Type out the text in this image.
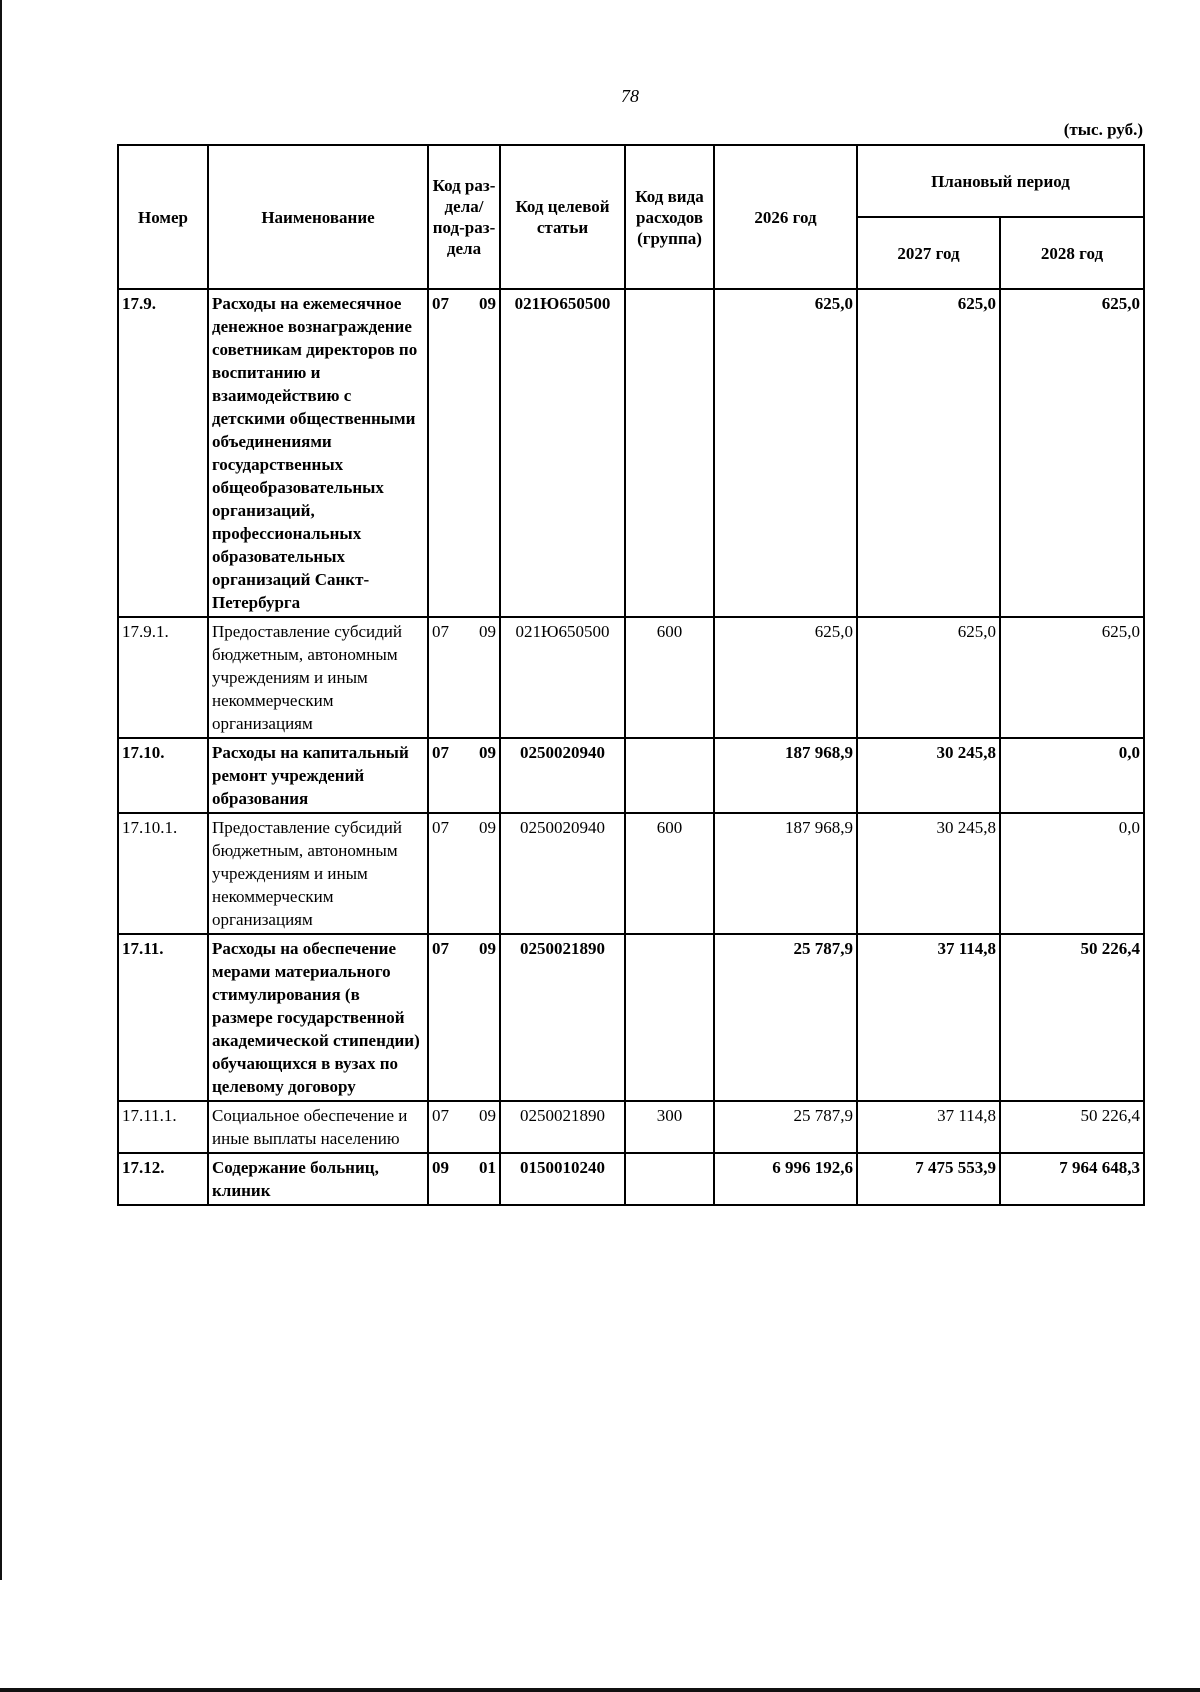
78
(тыс. руб.)
Номер	Наименование	Код раз-дела/ под-раз-дела	Код целевой статьи	Код вида расходов (группа)	2026 год	Плановый период	
						2027 год	2028 год
17.9.	Расходы на ежемесячное денежное вознаграждение советникам директоров по воспитанию и взаимодействию с детскими общественными объединениями государственных общеобразовательных организаций, профессиональных образовательных организаций Санкт-Петербурга	07 09	021Ю650500		625,0	625,0	625,0
17.9.1.	Предоставление субсидий бюджетным, автономным учреждениям и иным некоммерческим организациям	07 09	021Ю650500	600	625,0	625,0	625,0
17.10.	Расходы на капитальный ремонт учреждений образования	07 09	0250020940		187 968,9	30 245,8	0,0
17.10.1.	Предоставление субсидий бюджетным, автономным учреждениям и иным некоммерческим организациям	07 09	0250020940	600	187 968,9	30 245,8	0,0
17.11.	Расходы на обеспечение мерами материального стимулирования (в размере государственной академической стипендии) обучающихся в вузах по целевому договору	07 09	0250021890		25 787,9	37 114,8	50 226,4
17.11.1.	Социальное обеспечение и иные выплаты населению	07 09	0250021890	300	25 787,9	37 114,8	50 226,4
17.12.	Содержание больниц, клиник	09 01	0150010240		6 996 192,6	7 475 553,9	7 964 648,3
